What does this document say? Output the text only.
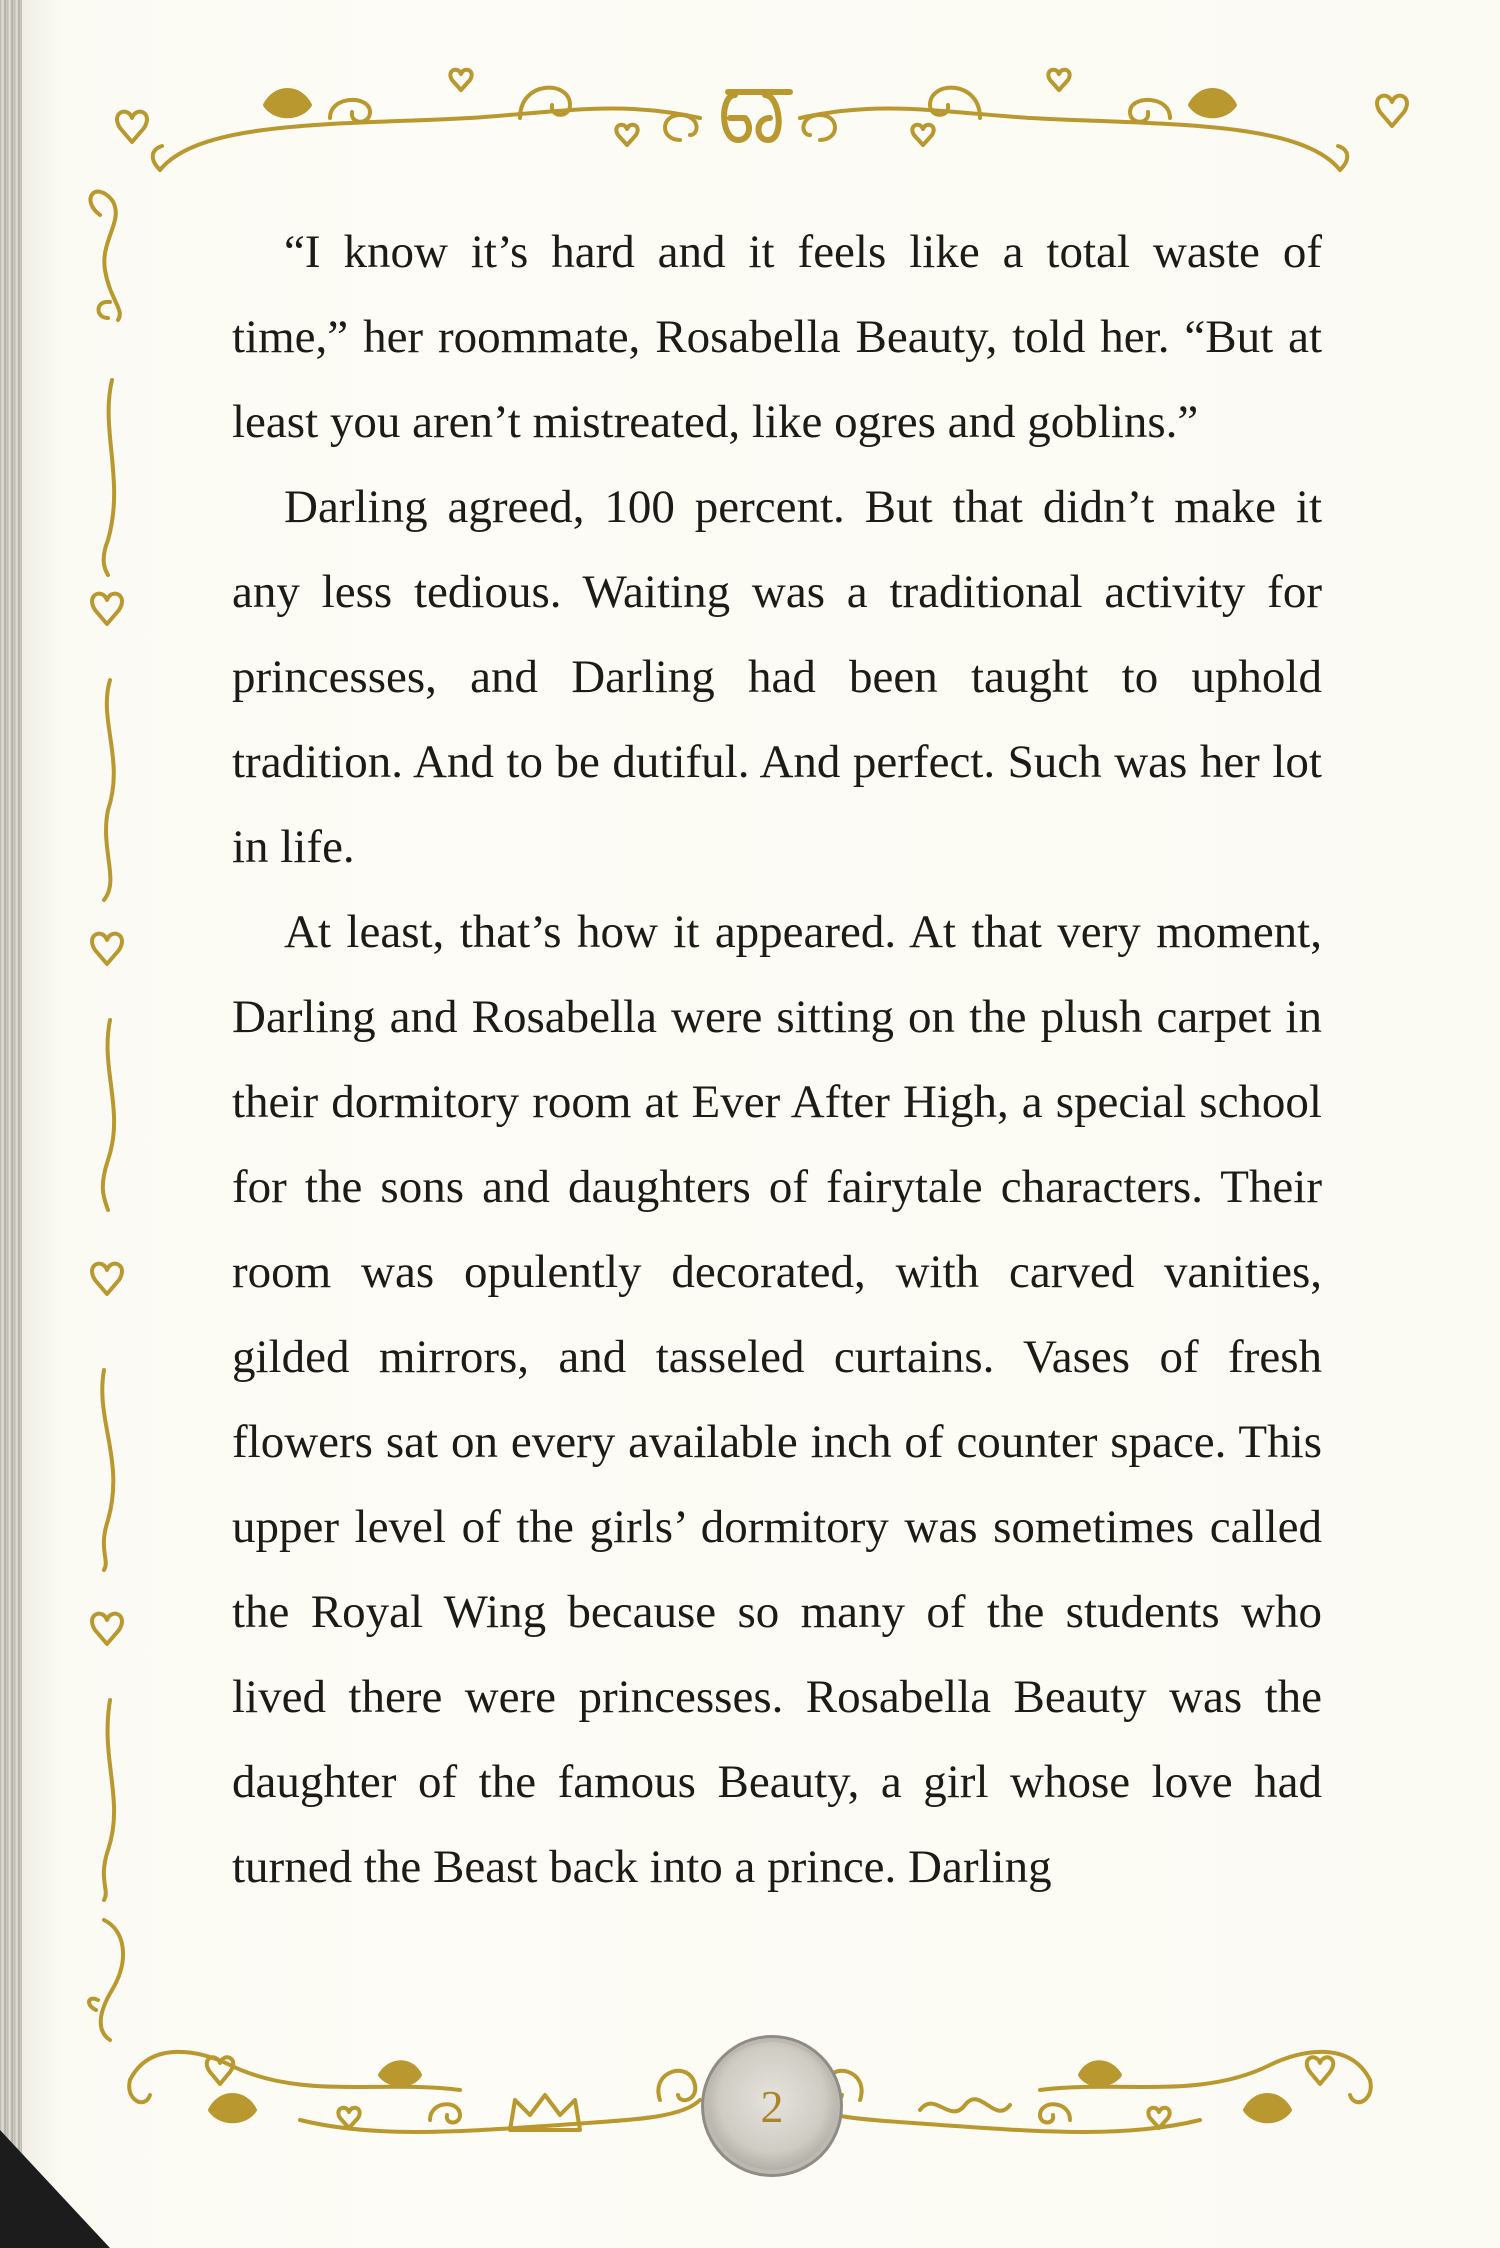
“I know it’s hard and it feels like a total waste of time,” her roommate, Rosabella Beauty, told her. “But at least you aren’t mistreated, like ogres and goblins.”

Darling agreed, 100 percent. But that didn’t make it any less tedious. Waiting was a traditional activity for princesses, and Darling had been taught to uphold tradition. And to be dutiful. And perfect. Such was her lot in life.

At least, that’s how it appeared. At that very moment, Darling and Rosabella were sitting on the plush carpet in their dormitory room at Ever After High, a special school for the sons and daughters of fairytale characters. Their room was opulently decorated, with carved vanities, gilded mirrors, and tasseled curtains. Vases of fresh flowers sat on every available inch of counter space. This upper level of the girls’ dormitory was sometimes called the Royal Wing because so many of the students who lived there were princesses. Rosabella Beauty was the daughter of the famous Beauty, a girl whose love had turned the Beast back into a prince. Darling

2
